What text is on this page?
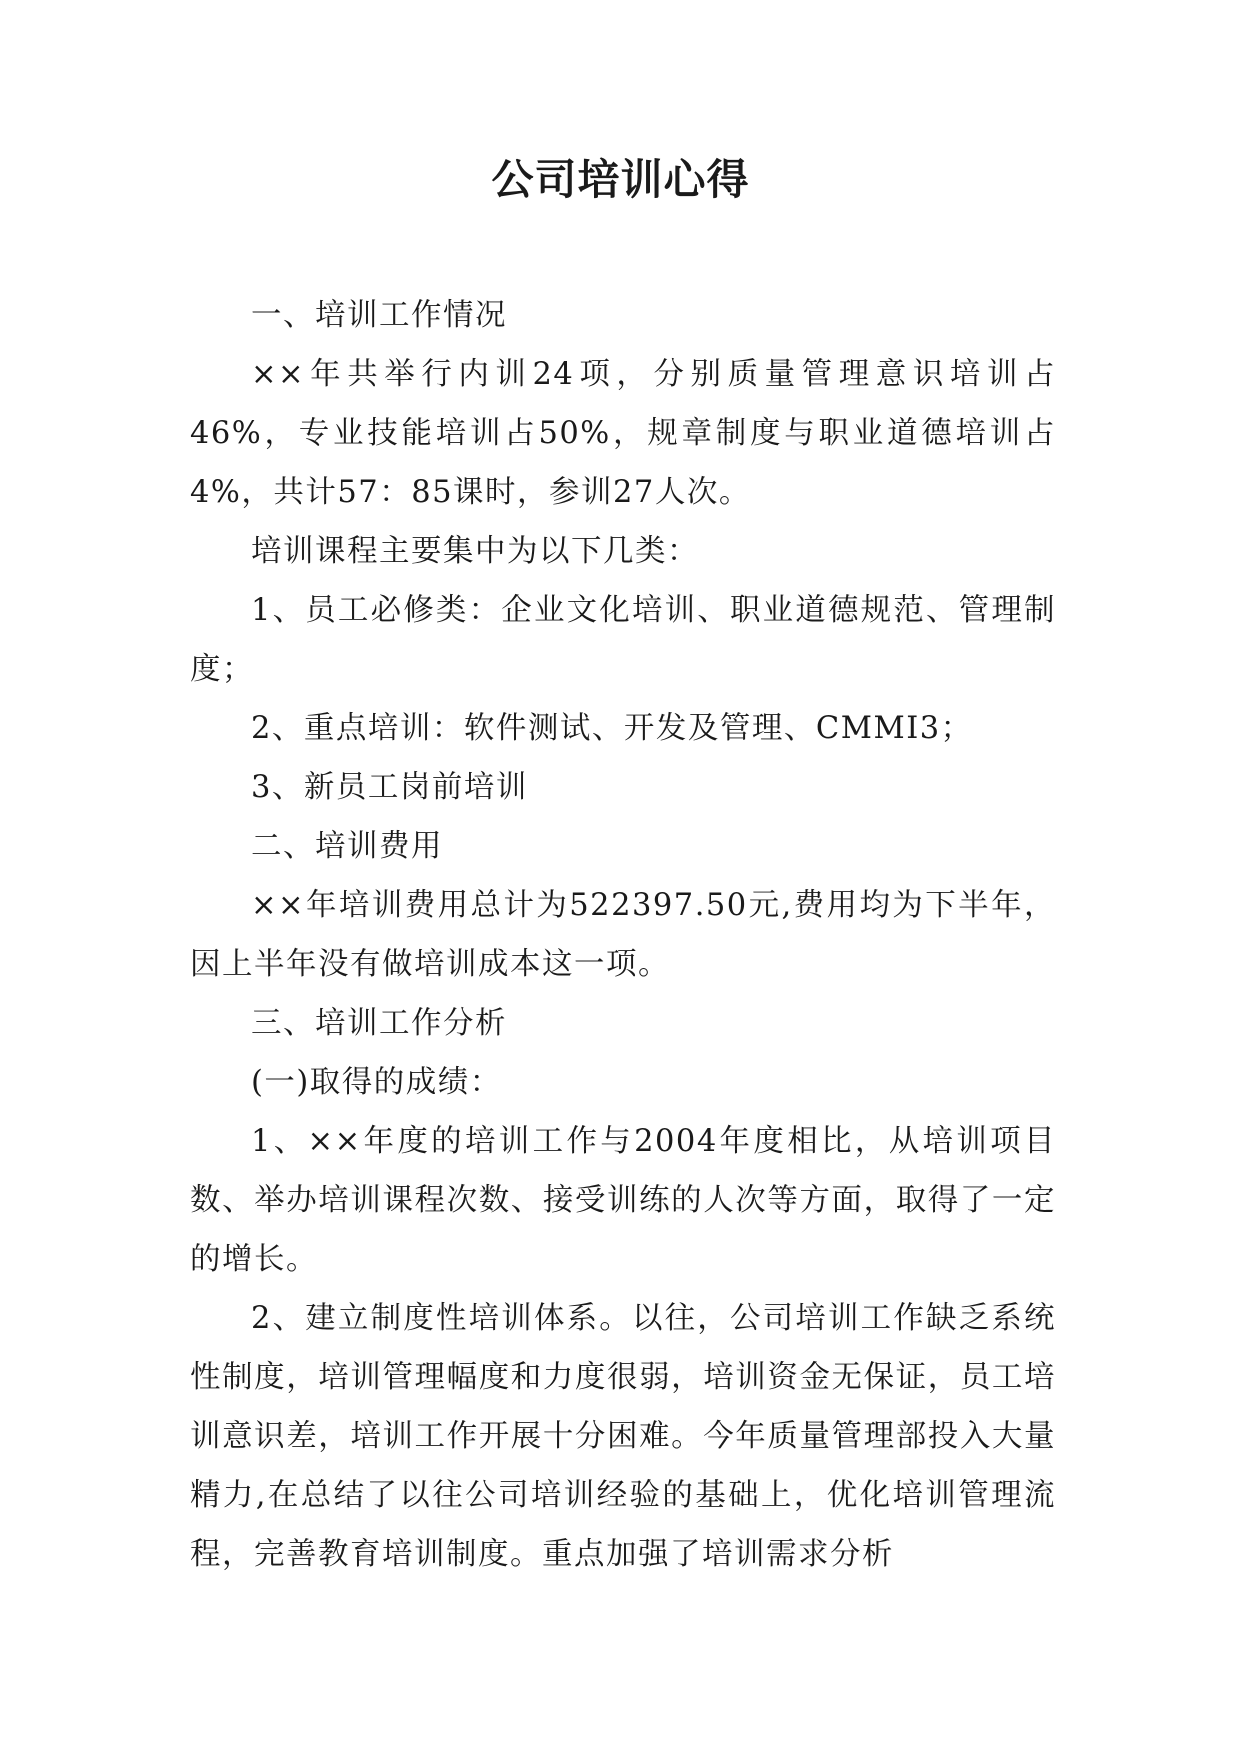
公司培训心得

一、培训工作情况

××年共举行内训24项，分别质量管理意识培训占46%，专业技能培训占50%，规章制度与职业道德培训占4%，共计57：85课时，参训27人次。

培训课程主要集中为以下几类：

1、员工必修类：企业文化培训、职业道德规范、管理制度；

2、重点培训：软件测试、开发及管理、CMMI3；

3、新员工岗前培训

二、培训费用

××年培训费用总计为522397.50元,费用均为下半年，因上半年没有做培训成本这一项。

三、培训工作分析

(一)取得的成绩：

1、××年度的培训工作与2004年度相比，从培训项目数、举办培训课程次数、接受训练的人次等方面，取得了一定的增长。

2、建立制度性培训体系。以往，公司培训工作缺乏系统性制度，培训管理幅度和力度很弱，培训资金无保证，员工培训意识差，培训工作开展十分困难。今年质量管理部投入大量精力,在总结了以往公司培训经验的基础上，优化培训管理流程，完善教育培训制度。重点加强了培训需求分析
